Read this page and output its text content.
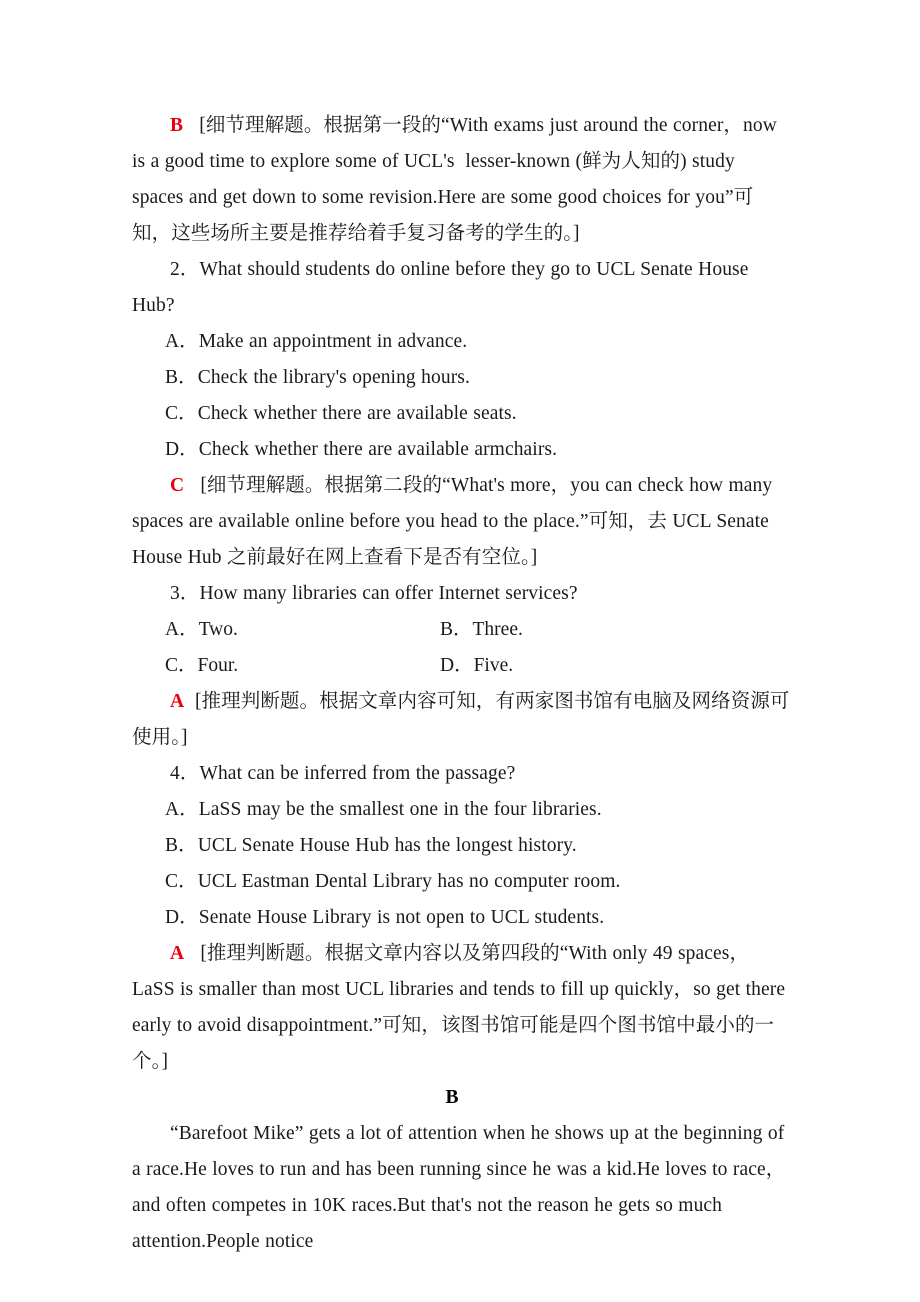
B [细节理解题。根据第一段的“With exams just around the corner，now is a good time to explore some of UCL's  lesser-known (鲜为人知的) study spaces and get down to some revision.Here are some good choices for you”可知，这些场所主要是推荐给着手复习备考的学生的。]
2．What should students do online before they go to UCL Senate House Hub?
A．Make an appointment in advance.
B．Check the library's opening hours.
C．Check whether there are available seats.
D．Check whether there are available armchairs.
C [细节理解题。根据第二段的“What's more，you can check how many spaces are available online before you head to the place.”可知，去 UCL Senate House Hub 之前最好在网上查看下是否有空位。]
3．How many libraries can offer Internet services?
A．Two.	B．Three.
C．Four.	D．Five.
A [推理判断题。根据文章内容可知，有两家图书馆有电脑及网络资源可使用。]
4．What can be inferred from the passage?
A．LaSS may be the smallest one in the four libraries.
B．UCL Senate House Hub has the longest history.
C．UCL Eastman Dental Library has no computer room.
D．Senate House Library is not open to UCL students.
A [推理判断题。根据文章内容以及第四段的“With only 49 spaces，LaSS is smaller than most UCL libraries and tends to fill up quickly，so get there early to avoid disappointment.”可知，该图书馆可能是四个图书馆中最小的一个。]
B
“Barefoot Mike” gets a lot of attention when he shows up at the beginning of a race.He loves to run and has been running since he was a kid.He loves to race，and often competes in 10K races.But that's not the reason he gets so much attention.People notice
